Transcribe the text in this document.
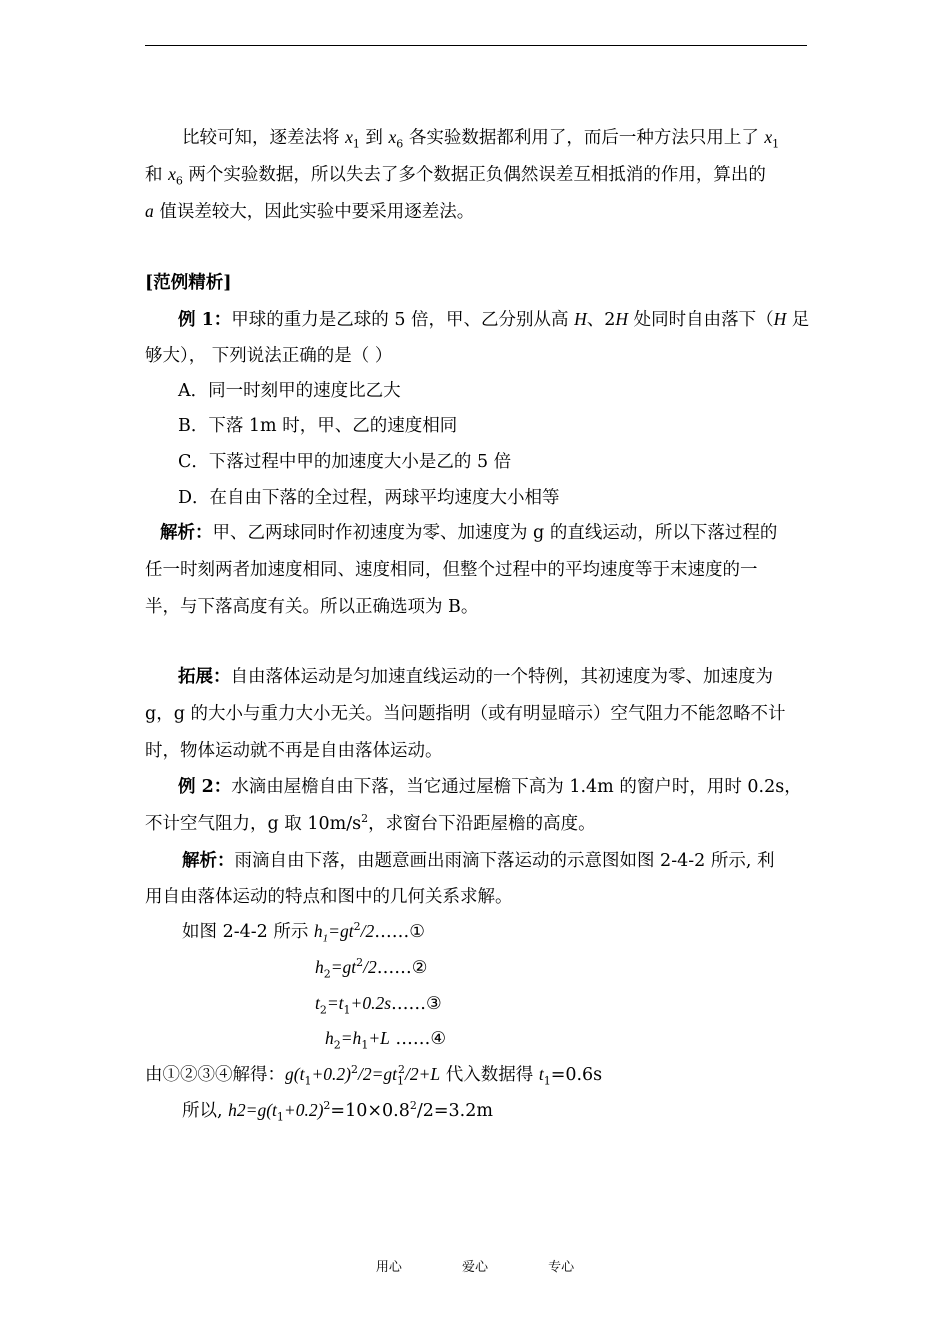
比较可知，逐差法将 $x_1$ 到 $x_6$ 各实验数据都利用了，而后一种方法只用上了 $x_1$
和 $x_6$ 两个实验数据，所以失去了多个数据正负偶然误差互相抵消的作用，算出的
a 值误差较大，因此实验中要采用逐差法。
[范例精析]
例 1：甲球的重力是乙球的 5 倍，甲、乙分别从高 H、2H 处同时自由落下（H 足
够大）， 下列说法正确的是（ ）
A．同一时刻甲的速度比乙大
B．下落 1m 时，甲、乙的速度相同
C．下落过程中甲的加速度大小是乙的 5 倍
D．在自由下落的全过程，两球平均速度大小相等
解析：甲、乙两球同时作初速度为零、加速度为 g 的直线运动，所以下落过程的
任一时刻两者加速度相同、速度相同，但整个过程中的平均速度等于末速度的一
半，与下落高度有关。所以正确选项为 B。
拓展：自由落体运动是匀加速直线运动的一个特例，其初速度为零、加速度为
g，g 的大小与重力大小无关。当问题指明（或有明显暗示）空气阻力不能忽略不计
时，物体运动就不再是自由落体运动。
例 2：水滴由屋檐自由下落，当它通过屋檐下高为 1.4m 的窗户时，用时 0.2s，
不计空气阻力，g 取 $10m/s^2$，求窗台下沿距屋檐的高度。
解析：雨滴自由下落，由题意画出雨滴下落运动的示意图如图 2-4-2 所示, 利
用自由落体运动的特点和图中的几何关系求解。
如图 2-4-2 所示 $h_1=gt^2/2\dots\dots ①$
$h_2=gt^2/2\dots\dots ②$
$t_2=t_1+0.2s\dots\dots ③$
$h_2=h_1+L$ ……④
由①②③④解得：$g(t_1+0.2)^2/2=gt_1^2/2+L$ 代入数据得 $t_1=0.6s$
所以, $h2=g(t_1+0.2)^2=10\times 0.8^2/2=3.2m$
用心	爱心	专心
